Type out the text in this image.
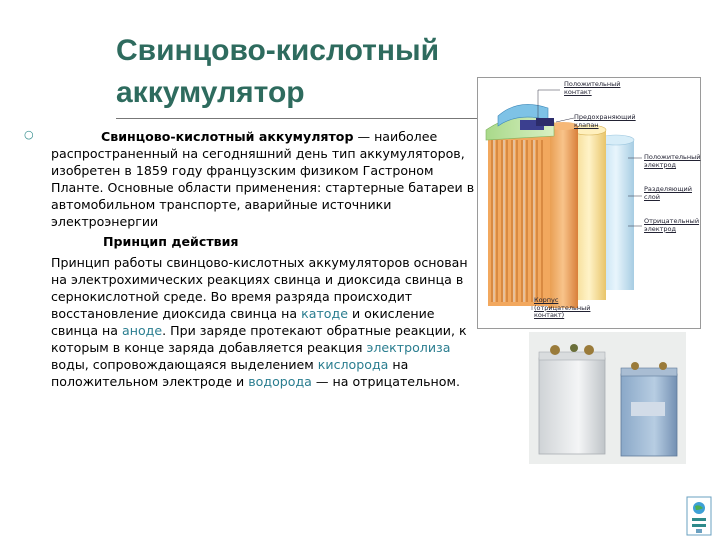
Свинцово-кислотный аккумулятор
○	Свинцово-кислотный аккумулятор — наиболее распространенный на сегодняшний день тип аккумуляторов, изобретен в 1859 году французским физиком Гастроном Планте. Основные области применения: стартерные батареи в автомобильном транспорте, аварийные источники электроэнергии
Принцип действия
Принцип работы свинцово-кислотных аккумуляторов основан на электрохимических реакциях свинца и диоксида свинца в сернокислотной среде. Во время разряда происходит восстановление диоксида свинца на катоде и окисление свинца на аноде. При заряде протекают обратные реакции, к которым в конце заряда добавляется реакция электролиза воды, сопровождающаяся выделением кислорода на положительном электроде и водорода — на отрицательном.
Положительный контакт
Предохраняющий клапан
Положительный электрод
Разделяющий слой
Отрицательный электрод
Корпус (отрицательный контакт)
